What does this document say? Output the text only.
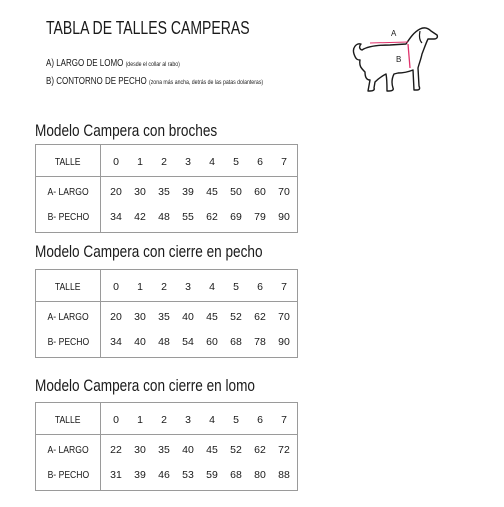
TABLA DE TALLES CAMPERAS
A) LARGO DE LOMO (desde el collar al rabo)
B) CONTORNO DE PECHO (zona más ancha, detrás de las patas dolanteras)
A
B
Modelo Campera con broches
TALLE	0	1	2	3	4	5	6	7
A- LARGO	20	30	35	39	45	50	60	70
B- PECHO	34	42	48	55	62	69	79	90
Modelo Campera con cierre en pecho
TALLE	0	1	2	3	4	5	6	7
A- LARGO	20	30	35	40	45	52	62	70
B- PECHO	34	40	48	54	60	68	78	90
Modelo Campera con cierre en lomo
TALLE	0	1	2	3	4	5	6	7
A- LARGO	22	30	35	40	45	52	62	72
B- PECHO	31	39	46	53	59	68	80	88
